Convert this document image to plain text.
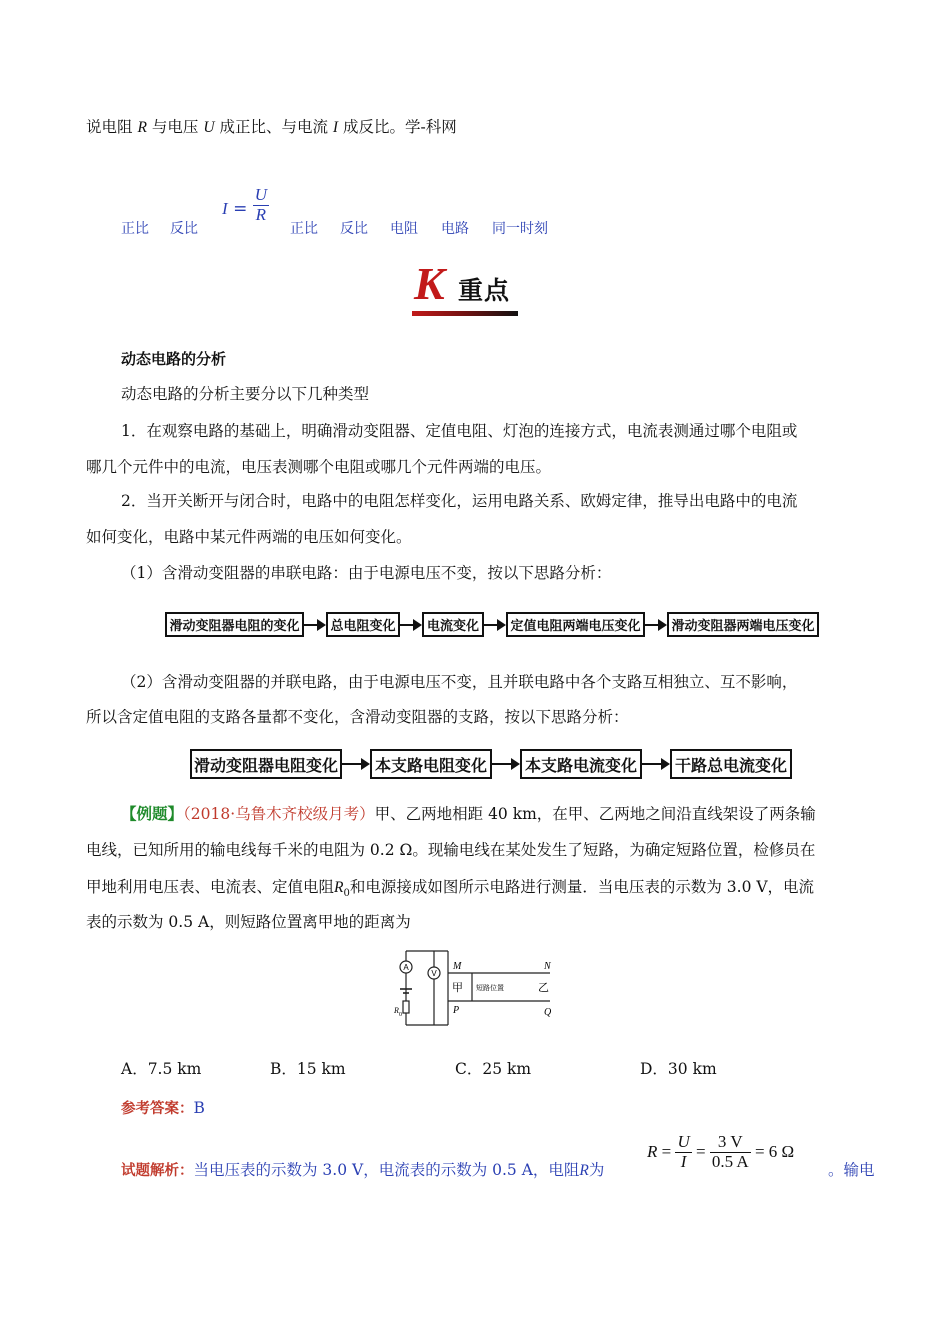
说电阻 R 与电压 U 成正比、与电流 I 成反比。学-科网
正比 反比
$I = \frac{U}{R}$
正比 反比 电阻 电路 同一时刻
K 重点
动态电路的分析
动态电路的分析主要分以下几种类型
1．在观察电路的基础上，明确滑动变阻器、定值电阻、灯泡的连接方式，电流表测通过哪个电阻或
哪几个元件中的电流，电压表测哪个电阻或哪几个元件两端的电压。
2．当开关断开与闭合时，电路中的电阻怎样变化，运用电路关系、欧姆定律，推导出电路中的电流
如何变化，电路中某元件两端的电压如何变化。
（1）含滑动变阻器的串联电路：由于电源电压不变，按以下思路分析：
滑动变阻器电阻的变化	总电阻变化	电流变化	定值电阻两端电压变化	滑动变阻器两端电压变化
（2）含滑动变阻器的并联电路，由于电源电压不变，且并联电路中各个支路互相独立、互不影响，
所以含定值电阻的支路各量都不变化，含滑动变阻器的支路，按以下思路分析：
滑动变阻器电阻变化	本支路电阻变化	本支路电流变化	干路总电流变化
【例题】（2018·乌鲁木齐校级月考）甲、乙两地相距 40 km，在甲、乙两地之间沿直线架设了两条输
电线，已知所用的输电线每千米的电阻为 0.2 Ω。现输电线在某处发生了短路，为确定短路位置，检修员在
甲地利用电压表、电流表、定值电阻$R_0$和电源接成如图所示电路进行测量．当电压表的示数为 3.0 V，电流
表的示数为 0.5 A，则短路位置离甲地的距离为
A
V
M	N
P	Q
甲	乙
短路位置
R 0
A．7.5 km	B．15 km	C．25 km	D．30 km
参考答案：B
试题解析：当电压表的示数为 3.0 V，电流表的示数为 0.5 A，电阻R为
$R = \frac{U}{I} = \frac{3 V}{0.5 A} = 6$ Ω
。输电
